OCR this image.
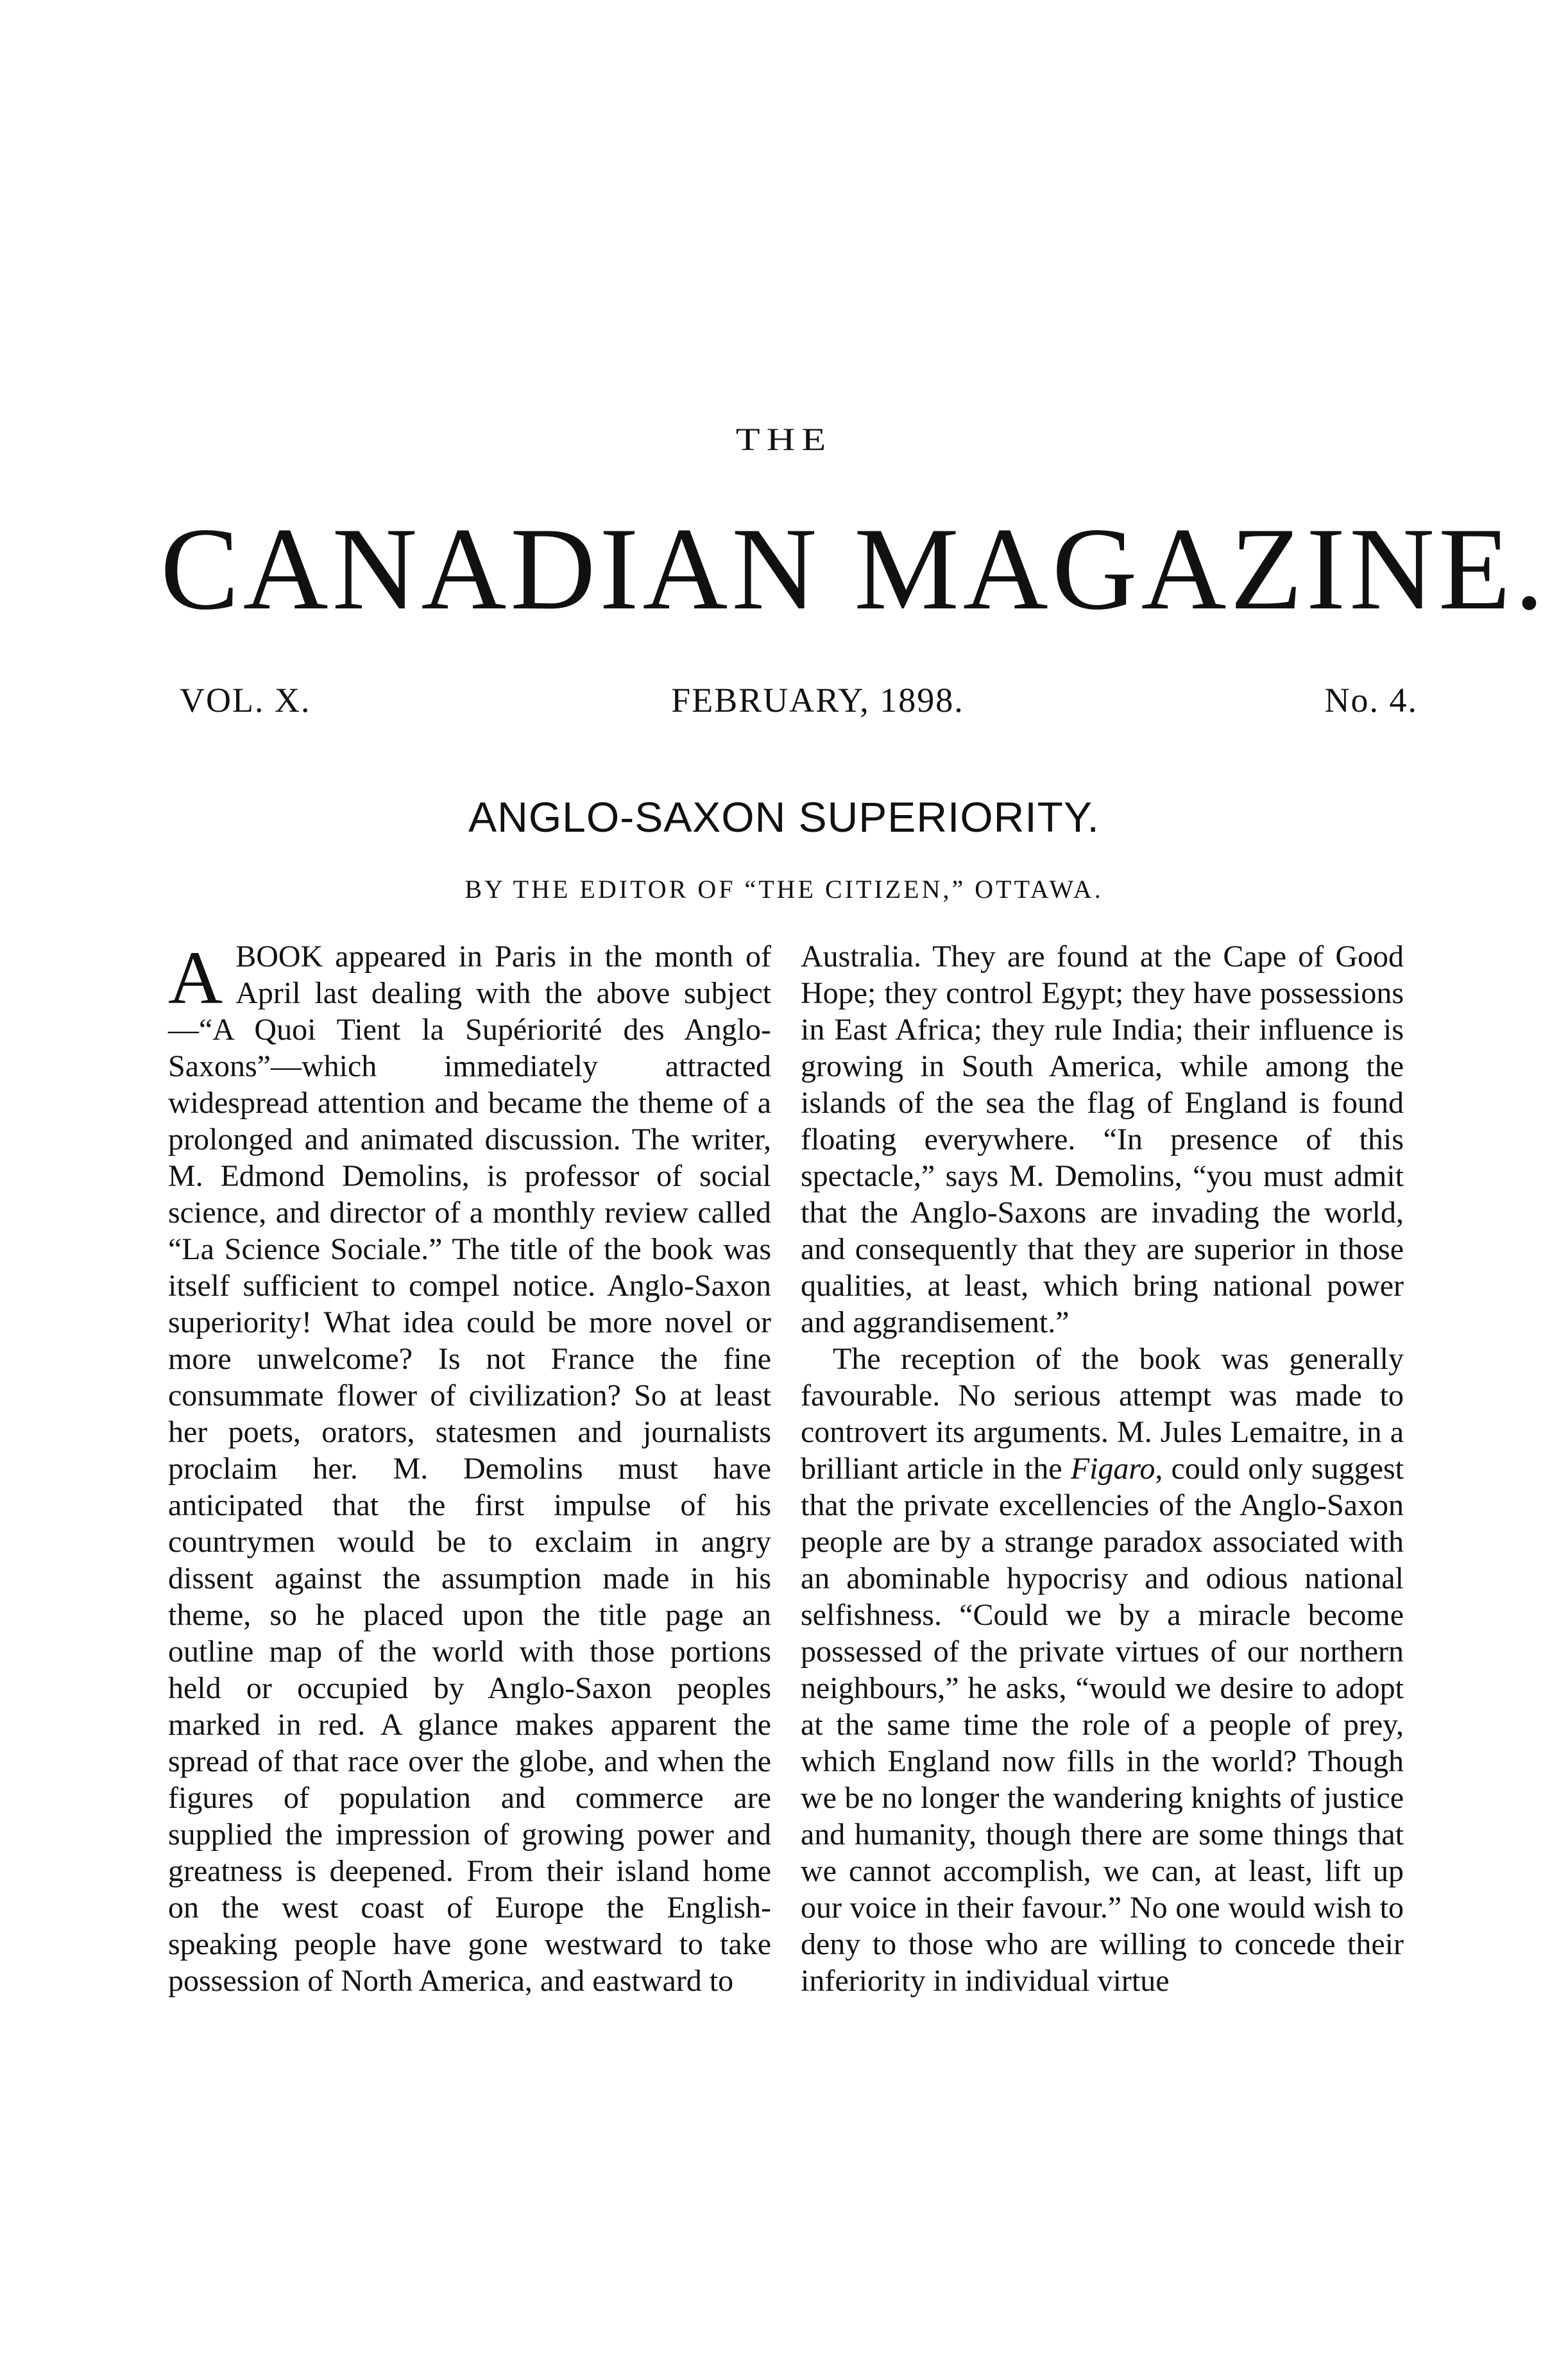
THE
CANADIAN MAGAZINE.
VOL. X.	FEBRUARY, 1898.	No. 4.
ANGLO-SAXON SUPERIORITY.
BY THE EDITOR OF “THE CITIZEN,” OTTAWA.

A BOOK appeared in Paris in the month of April last dealing with the above subject—“A Quoi Tient la Supériorité des Anglo-Saxons”—which immediately attracted widespread attention and became the theme of a prolonged and animated discussion. The writer, M. Edmond Demolins, is professor of social science, and director of a monthly review called “La Science Sociale.” The title of the book was itself sufficient to compel notice. Anglo-Saxon superiority! What idea could be more novel or more unwelcome? Is not France the fine consummate flower of civilization? So at least her poets, orators, statesmen and journalists proclaim her. M. Demolins must have anticipated that the first impulse of his countrymen would be to exclaim in angry dissent against the assumption made in his theme, so he placed upon the title page an outline map of the world with those portions held or occupied by Anglo-Saxon peoples marked in red. A glance makes apparent the spread of that race over the globe, and when the figures of population and commerce are supplied the impression of growing power and greatness is deepened. From their island home on the west coast of Europe the English-speaking people have gone westward to take possession of North America, and eastward to

Australia. They are found at the Cape of Good Hope; they control Egypt; they have possessions in East Africa; they rule India; their influence is growing in South America, while among the islands of the sea the flag of England is found floating everywhere. “In presence of this spectacle,” says M. Demolins, “you must admit that the Anglo-Saxons are invading the world, and consequently that they are superior in those qualities, at least, which bring national power and aggrandisement.”

The reception of the book was generally favourable. No serious attempt was made to controvert its arguments. M. Jules Lemaitre, in a brilliant article in the Figaro, could only suggest that the private excellencies of the Anglo-Saxon people are by a strange paradox associated with an abominable hypocrisy and odious national selfishness. “Could we by a miracle become possessed of the private virtues of our northern neighbours,” he asks, “would we desire to adopt at the same time the role of a people of prey, which England now fills in the world? Though we be no longer the wandering knights of justice and humanity, though there are some things that we cannot accomplish, we can, at least, lift up our voice in their favour.” No one would wish to deny to those who are willing to concede their inferiority in individual virtue
